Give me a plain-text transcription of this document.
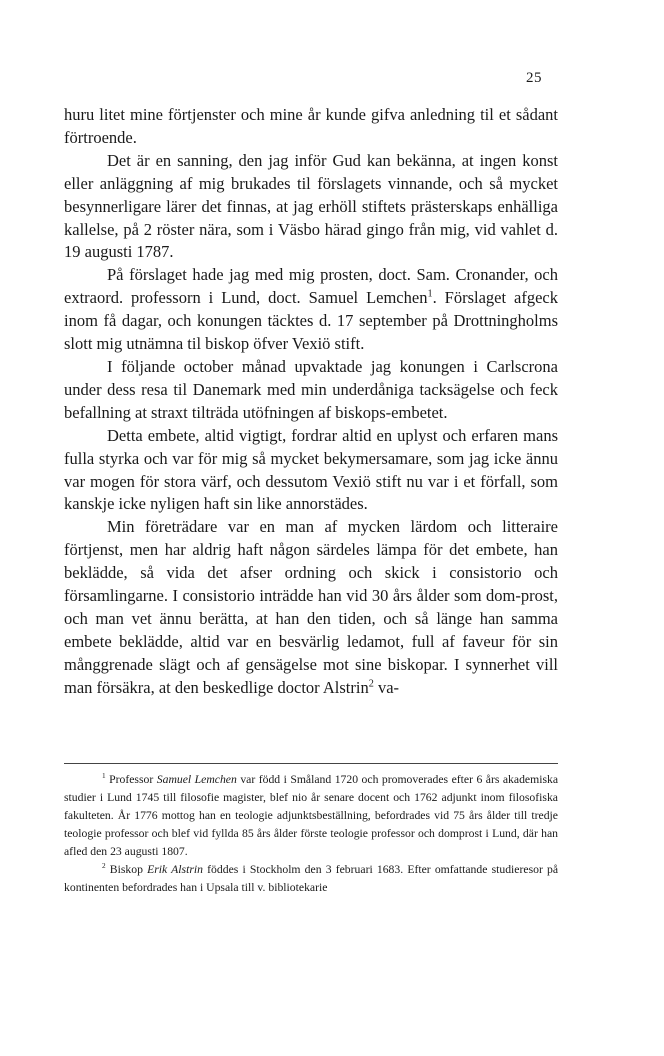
25

huru litet mine förtjenster och mine år kunde gifva anledning til et sådant förtroende.

Det är en sanning, den jag inför Gud kan bekänna, at ingen konst eller anläggning af mig brukades til förslagets vinnande, och så mycket besynnerligare lärer det finnas, at jag erhöll stiftets prästerskaps enhälliga kallelse, på 2 röster nära, som i Väsbo härad gingo från mig, vid vahlet d. 19 augusti 1787.

På förslaget hade jag med mig prosten, doct. Sam. Cronander, och extraord. professorn i Lund, doct. Samuel Lemchen$^1$. Förslaget afgeck inom få dagar, och konungen täcktes d. 17 september på Drottningholms slott mig utnämna til biskop öfver Vexiö stift.

I följande october månad upvaktade jag konungen i Carlscrona under dess resa til Danemark med min underdåniga tacksägelse och feck befallning at straxt tilträda utöfningen af biskops-embetet.

Detta embete, altid vigtigt, fordrar altid en uplyst och erfaren mans fulla styrka och var för mig så mycket bekymersamare, som jag icke ännu var mogen för stora värf, och dessutom Vexiö stift nu var i et förfall, som kanskje icke nyligen haft sin like annorstädes.

Min företrädare var en man af mycken lärdom och litteraire förtjenst, men har aldrig haft någon särdeles lämpa för det embete, han beklädde, så vida det afser ordning och skick i consistorio och församlingarne. I consistorio inträdde han vid 30 års ålder som dom-prost, och man vet ännu berätta, at han den tiden, och så länge han samma embete beklädde, altid var en besvärlig ledamot, full af faveur för sin månggrenade slägt och af gensägelse mot sine biskopar. I synnerhet vill man försäkra, at den beskedlige doctor Alstrin$^2$ va-

$^1$ Professor Samuel Lemchen var född i Småland 1720 och promoverades efter 6 års akademiska studier i Lund 1745 till filosofie magister, blef nio år senare docent och 1762 adjunkt inom filosofiska fakulteten. År 1776 mottog han en teologie adjunktsbeställning, befordrades vid 75 års ålder till tredje teologie professor och blef vid fyllda 85 års ålder förste teologie professor och domprost i Lund, där han afled den 23 augusti 1807.

$^2$ Biskop Erik Alstrin föddes i Stockholm den 3 februari 1683. Efter omfattande studieresor på kontinenten befordrades han i Upsala till v. bibliotekarie
